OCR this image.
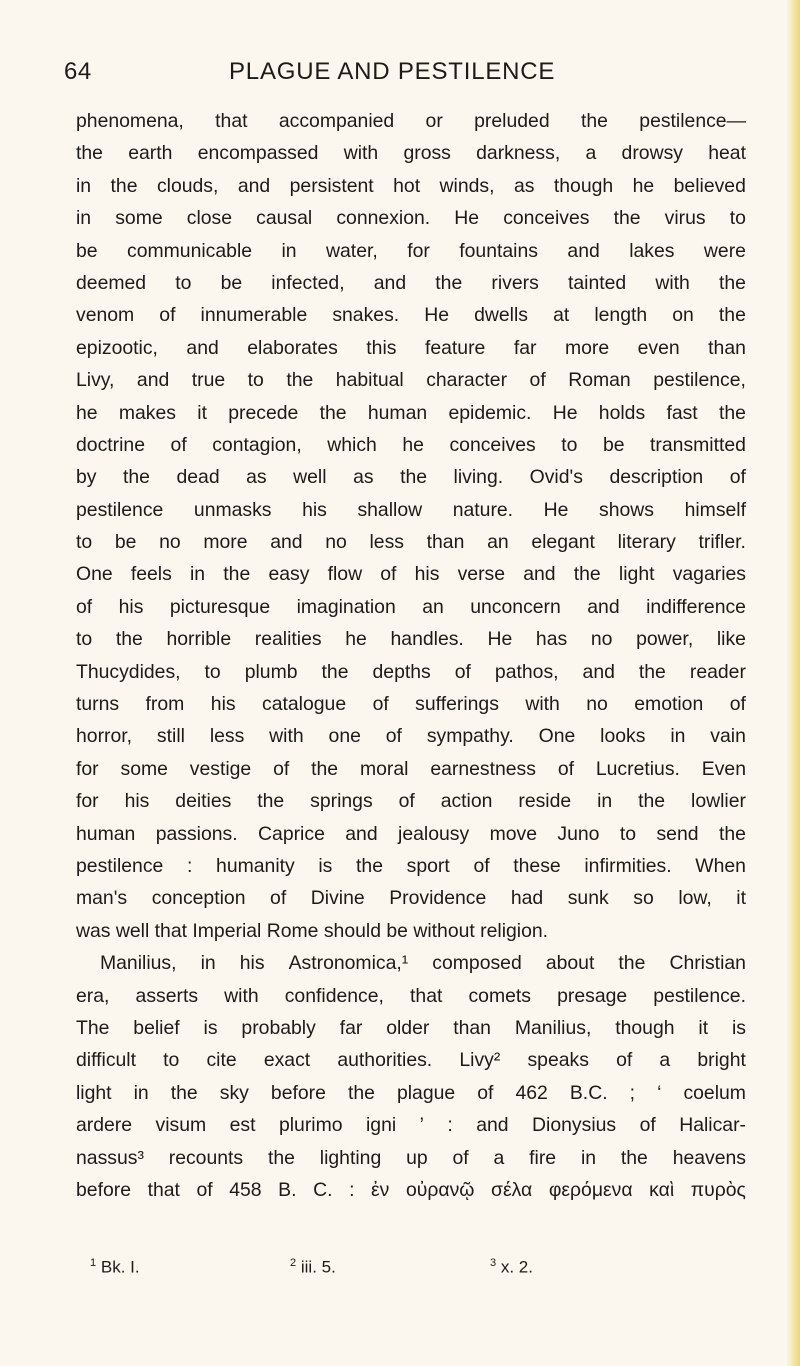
64	PLAGUE AND PESTILENCE
phenomena, that accompanied or preluded the pestilence—
the earth encompassed with gross darkness, a drowsy heat
in the clouds, and persistent hot winds, as though he believed
in some close causal connexion. He conceives the virus to
be communicable in water, for fountains and lakes were
deemed to be infected, and the rivers tainted with the
venom of innumerable snakes. He dwells at length on the
epizootic, and elaborates this feature far more even than
Livy, and true to the habitual character of Roman pestilence,
he makes it precede the human epidemic. He holds fast the
doctrine of contagion, which he conceives to be transmitted
by the dead as well as the living. Ovid's description of
pestilence unmasks his shallow nature. He shows himself
to be no more and no less than an elegant literary trifler.
One feels in the easy flow of his verse and the light vagaries
of his picturesque imagination an unconcern and indifference
to the horrible realities he handles. He has no power, like
Thucydides, to plumb the depths of pathos, and the reader
turns from his catalogue of sufferings with no emotion of
horror, still less with one of sympathy. One looks in vain
for some vestige of the moral earnestness of Lucretius. Even
for his deities the springs of action reside in the lowlier
human passions. Caprice and jealousy move Juno to send the
pestilence : humanity is the sport of these infirmities. When
man's conception of Divine Providence had sunk so low, it
was well that Imperial Rome should be without religion.
Manilius, in his Astronomica,¹ composed about the Christian
era, asserts with confidence, that comets presage pestilence.
The belief is probably far older than Manilius, though it is
difficult to cite exact authorities. Livy² speaks of a bright
light in the sky before the plague of 462 B.C. ; ‘ coelum
ardere visum est plurimo igni ’ : and Dionysius of Halicar-
nassus³ recounts the lighting up of a fire in the heavens
before that of 458 B. C. : ἐν οὐρανῷ σέλα φερόμενα καὶ πυρὸς
$^1$ Bk. I.	$^2$ iii. 5.	$^3$ x. 2.
